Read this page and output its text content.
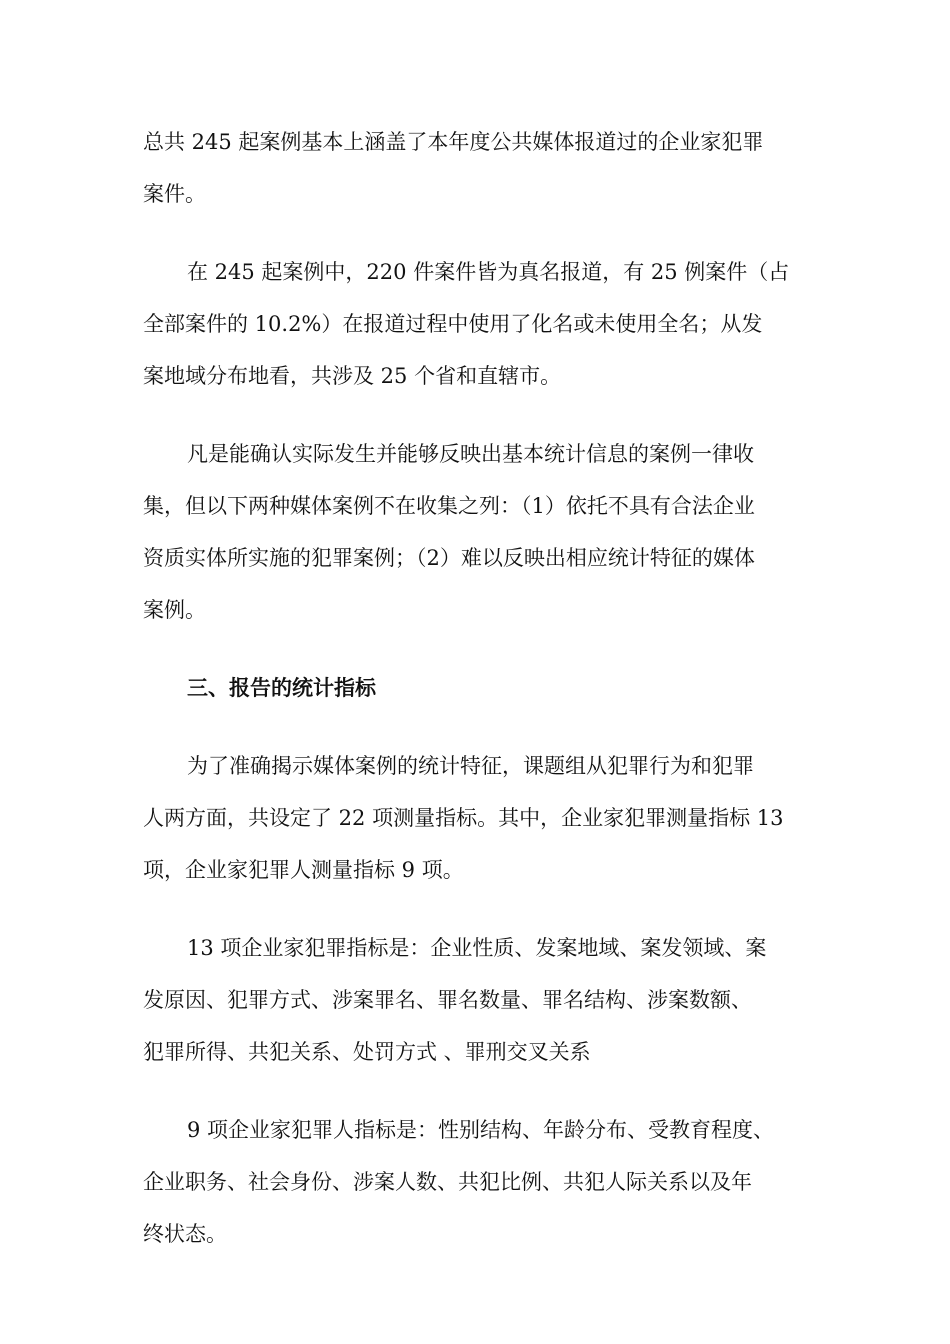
总共 245 起案例基本上涵盖了本年度公共媒体报道过的企业家犯罪
案件。

在 245 起案例中，220 件案件皆为真名报道，有 25 例案件（占
全部案件的 10.2%）在报道过程中使用了化名或未使用全名；从发
案地域分布地看，共涉及 25 个省和直辖市。

凡是能确认实际发生并能够反映出基本统计信息的案例一律收
集，但以下两种媒体案例不在收集之列：（1）依托不具有合法企业
资质实体所实施的犯罪案例；（2）难以反映出相应统计特征的媒体
案例。

三、报告的统计指标

为了准确揭示媒体案例的统计特征，课题组从犯罪行为和犯罪
人两方面，共设定了 22 项测量指标。其中，企业家犯罪测量指标 13
项，企业家犯罪人测量指标 9 项。

13 项企业家犯罪指标是：企业性质、发案地域、案发领域、案
发原因、犯罪方式、涉案罪名、罪名数量、罪名结构、涉案数额、
犯罪所得、共犯关系、处罚方式 、罪刑交叉关系

9 项企业家犯罪人指标是：性别结构、年龄分布、受教育程度、
企业职务、社会身份、涉案人数、共犯比例、共犯人际关系以及年
终状态。
